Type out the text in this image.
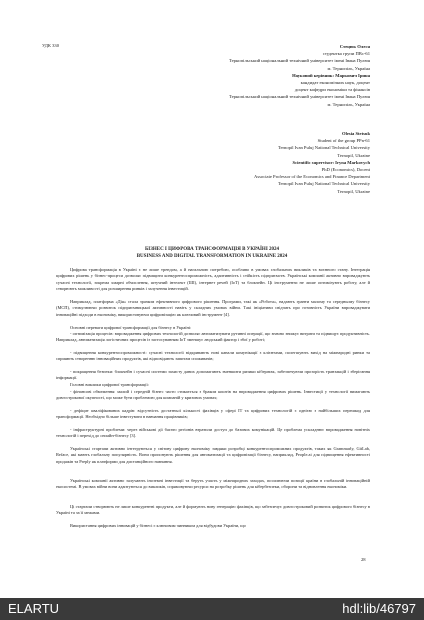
УДК 330	Стецюк Олеся
студентка групи ПВс-61
Тернопільський національний технічний університет імені Івана Пулюя
м. Тернопіль, Україна
Науковий керівник: Маркович Ірина
кандидат економічних наук, доцент
доцент кафедри економіки та фінансів
Тернопільський національний технічний університет імені Івана Пулюя
м. Тернопіль, Україна
Olesia Stetsuk
Student of the group PPn-61
Ternopil Ivan Puluj National Technical University
Ternopil, Ukraine
Scientific supervisor: Iryna Markovych
PhD (Economics), Docent
Associate Professor of the Economics and Finance Department
Ternopil Ivan Puluj National Technical University
Ternopil, Ukraine
БІЗНЕС І ЦИФРОВА ТРАНСФОРМАЦІЯ В УКРАЇНІ 2024
BUSINESS AND DIGITAL TRANSFORMATION IN UKRAINE 2024
Цифрова трансформація в Україні є не лише трендом, а й нагальною потребою, особливо в умовах глобальних викликів та воєнного стану. Інтеграція цифрових рішень у бізнес-процеси дозволяє підвищити конкурентоспроможність, адаптивність і стійкість підприємств. Українські компанії активно впроваджують сучасні технології, зокрема хмарні обчислення, штучний інтелект (ШІ), інтернет речей (IoT) та блокчейн. Ці інструменти не лише оптимізують роботу, але й створюють можливості для розширення ринків і залучення інвестицій.
Наприклад, платформа «Дія» стала зразком ефективного цифрового рішення. Програми, такі як «Робота», надають гранти малому та середньому бізнесу (МСП), стимулюючи розвиток підприємницької активності навіть у складних умовах війни. Такі ініціативи свідчать про готовність України впроваджувати інноваційні підходи в економіку, використовуючи цифровізацію як ключовий інструмент [4].
Основні переваги цифрової трансформації для бізнесу в Україні:
- оптимізація процесів: впровадження цифрових технологій дозволяє автоматизувати рутинні операції, що значно знижує витрати та підвищує продуктивність. Наприклад, автоматизація логістичних процесів із застосуванням IoT зменшує людський фактор і збої у роботі;
- підвищення конкурентоспроможності: сучасні технології відкривають нові канали комунікації з клієнтами, полегшують вихід на міжнародні ринки та сприяють створенню інноваційних продуктів, які відповідають запитам споживачів;
- покращення безпеки: блокчейн і сучасні системи захисту даних допомагають зменшити ризики кібератак, забезпечуючи прозорість транзакцій і зберігання інформації.
Головні виклики цифрової трансформації:
- фінансові обмеження: малий і середній бізнес часто стикається з браком коштів на впровадження цифрових рішень. Інвестиції у технології вимагають довгострокової окупності, що може бути проблемою для компаній у кризових умовах;
- дефіцит кваліфікованих кадрів: відсутність достатньої кількості фахівців у сфері IT та цифрових технологій є однією з найбільших перешкод для трансформації. Необхідно більше інвестувати в навчання працівників;
- інфраструктурні проблеми: через військові дії багато регіонів втратили доступ до базових комунікацій. Це проблема ускладнює впровадження новітніх технологій і перехід до онлайн-бізнесу [3].
Українські стартапи активно інтегруються у світову цифрову економіку завдяки розробці конкурентоспроможних продуктів, таких як Grammarly, GitLab, Reface, які мають глобальну популярність. Вони пропонують рішення для автоматизації та цифровізації бізнесу, наприклад, People.ai для підвищення ефективності продажів та Preply як платформи для дистанційного навчання.
Українські компанії активно залучають іноземні інвестиції та беруть участь у міжнародних заходах, посилюючи позиції країни в глобальній інноваційній екосистемі. В умовах війни вони адаптуються до викликів, спрямовуючи ресурси на розробку рішень для кібербезпеки, оборони та відновлення економіки.
Ці стартапи створюють не лише конкурентні продукти, але й формують нову генерацію фахівців, що забезпечує довгостроковий розвиток цифрового бізнесу в Україні та за її межами.
Використання цифрових інновацій у бізнесі є ключовим чинником для відбудови України, що
28
ELARTU	hdl:lib/46797
